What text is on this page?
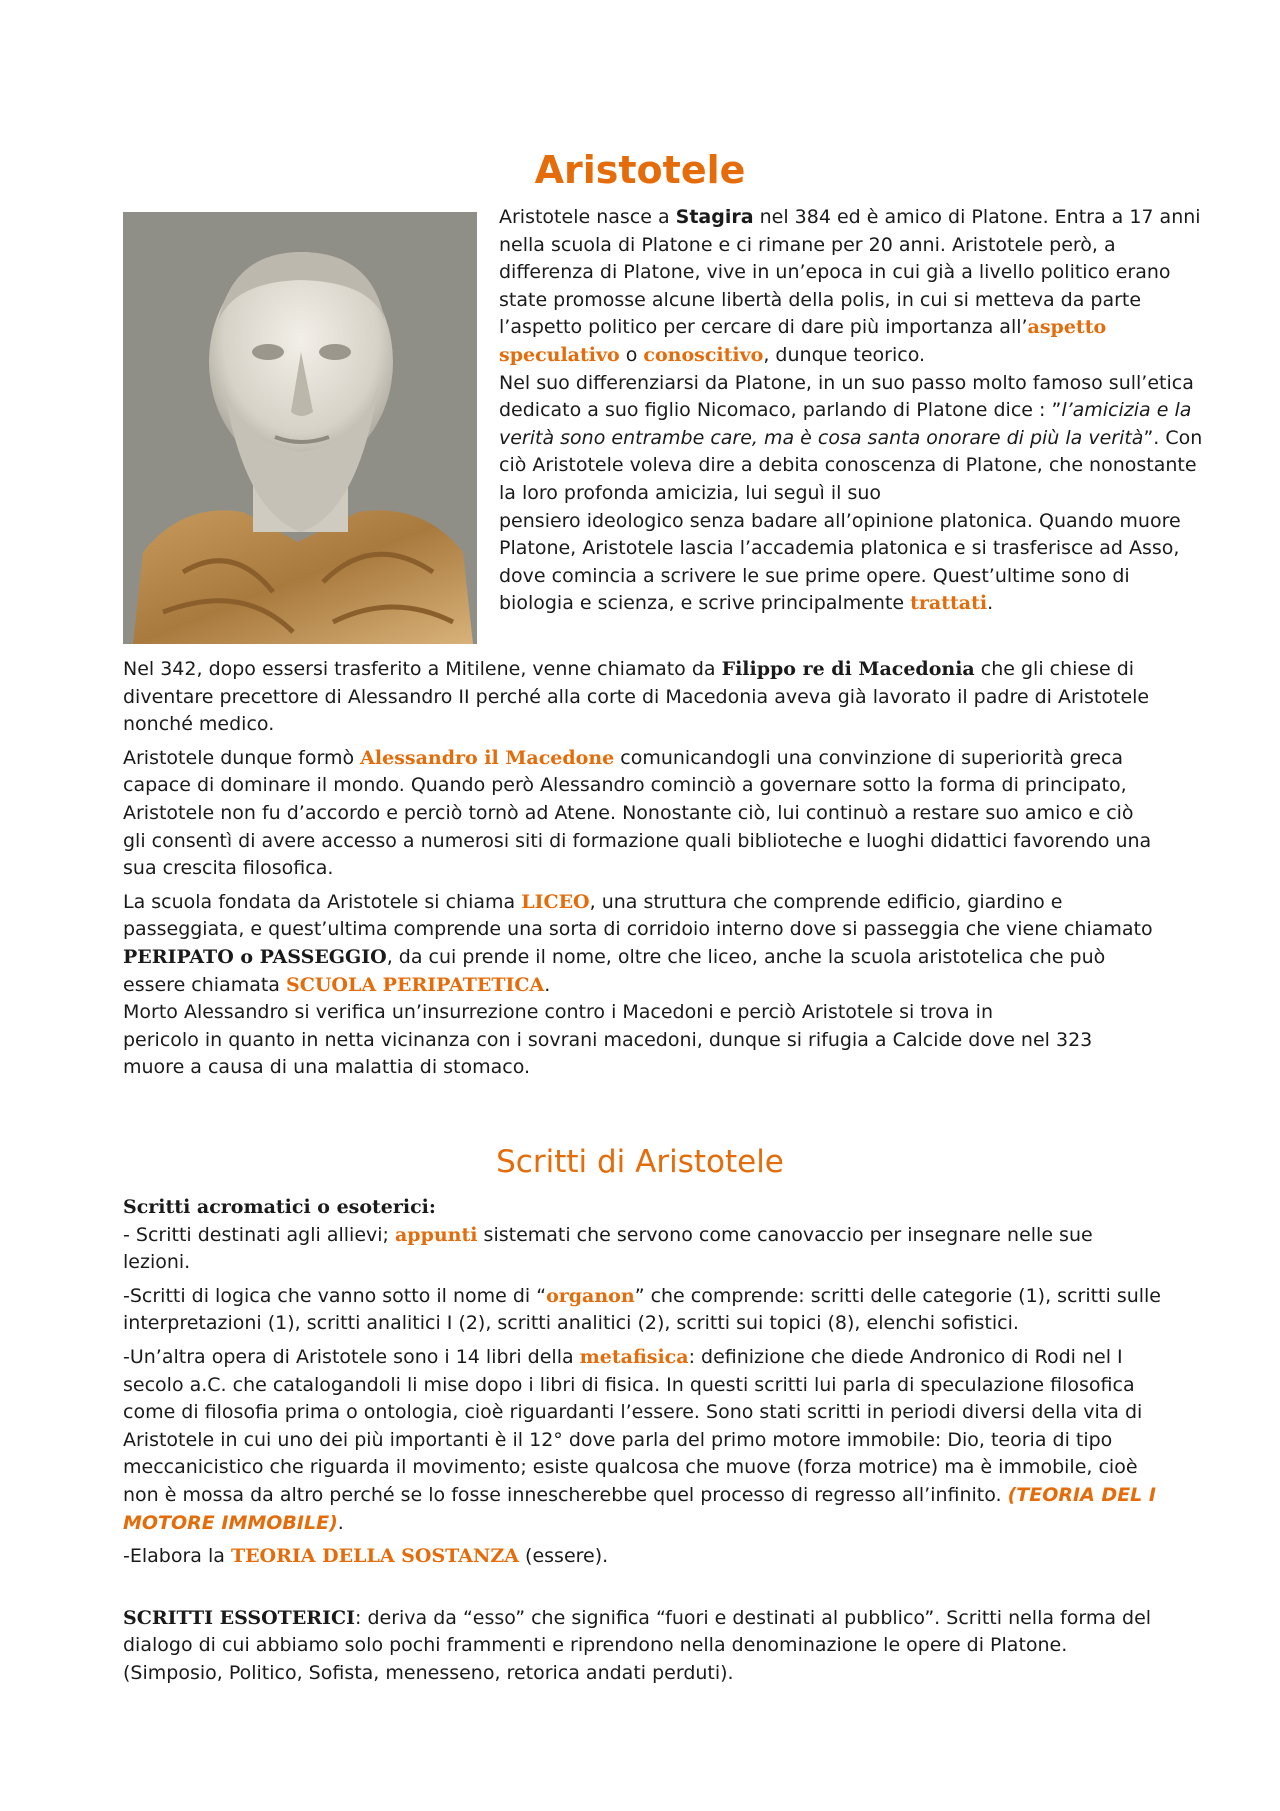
Aristotele
Aristotele nasce a Stagira nel 384 ed è amico di Platone. Entra a 17 anni
nella scuola di Platone e ci rimane per 20 anni. Aristotele però, a
differenza di Platone, vive in un’epoca in cui già a livello politico erano
state promosse alcune libertà della polis, in cui si metteva da parte
l’aspetto politico per cercare di dare più importanza all’aspetto
speculativo o conoscitivo, dunque teorico.
Nel suo differenziarsi da Platone, in un suo passo molto famoso sull’etica
dedicato a suo figlio Nicomaco, parlando di Platone dice : ”l’amicizia e la
verità sono entrambe care, ma è cosa santa onorare di più la verità”. Con
ciò Aristotele voleva dire a debita conoscenza di Platone, che nonostante
la loro profonda amicizia, lui seguì il suo
pensiero ideologico senza badare all’opinione platonica. Quando muore
Platone, Aristotele lascia l’accademia platonica e si trasferisce ad Asso,
dove comincia a scrivere le sue prime opere. Quest’ultime sono di
biologia e scienza, e scrive principalmente trattati.
Nel 342, dopo essersi trasferito a Mitilene, venne chiamato da Filippo re di Macedonia che gli chiese di
diventare precettore di Alessandro II perché alla corte di Macedonia aveva già lavorato il padre di Aristotele
nonché medico.
Aristotele dunque formò Alessandro il Macedone comunicandogli una convinzione di superiorità greca
capace di dominare il mondo. Quando però Alessandro cominciò a governare sotto la forma di principato,
Aristotele non fu d’accordo e perciò tornò ad Atene. Nonostante ciò, lui continuò a restare suo amico e ciò
gli consentì di avere accesso a numerosi siti di formazione quali biblioteche e luoghi didattici favorendo una
sua crescita filosofica.
La scuola fondata da Aristotele si chiama LICEO, una struttura che comprende edificio, giardino e
passeggiata, e quest’ultima comprende una sorta di corridoio interno dove si passeggia che viene chiamato
PERIPATO o PASSEGGIO, da cui prende il nome, oltre che liceo, anche la scuola aristotelica che può
essere chiamata SCUOLA PERIPATETICA.
Morto Alessandro si verifica un’insurrezione contro i Macedoni e perciò Aristotele si trova in
pericolo in quanto in netta vicinanza con i sovrani macedoni, dunque si rifugia a Calcide dove nel 323
muore a causa di una malattia di stomaco.
Scritti di Aristotele
Scritti acromatici o esoterici:
- Scritti destinati agli allievi; appunti sistemati che servono come canovaccio per insegnare nelle sue
lezioni.
-Scritti di logica che vanno sotto il nome di “organon” che comprende: scritti delle categorie (1), scritti sulle
interpretazioni (1), scritti analitici I (2), scritti analitici (2), scritti sui topici (8), elenchi sofistici.
-Un’altra opera di Aristotele sono i 14 libri della metafisica: definizione che diede Andronico di Rodi nel I
secolo a.C. che catalogandoli li mise dopo i libri di fisica. In questi scritti lui parla di speculazione filosofica
come di filosofia prima o ontologia, cioè riguardanti l’essere. Sono stati scritti in periodi diversi della vita di
Aristotele in cui uno dei più importanti è il 12° dove parla del primo motore immobile: Dio, teoria di tipo
meccanicistico che riguarda il movimento; esiste qualcosa che muove (forza motrice) ma è immobile, cioè
non è mossa da altro perché se lo fosse innescherebbe quel processo di regresso all’infinito. (TEORIA DEL I
MOTORE IMMOBILE).
-Elabora la TEORIA DELLA SOSTANZA (essere).
SCRITTI ESSOTERICI: deriva da “esso” che significa “fuori e destinati al pubblico”. Scritti nella forma del
dialogo di cui abbiamo solo pochi frammenti e riprendono nella denominazione le opere di Platone.
(Simposio, Politico, Sofista, menesseno, retorica andati perduti).
